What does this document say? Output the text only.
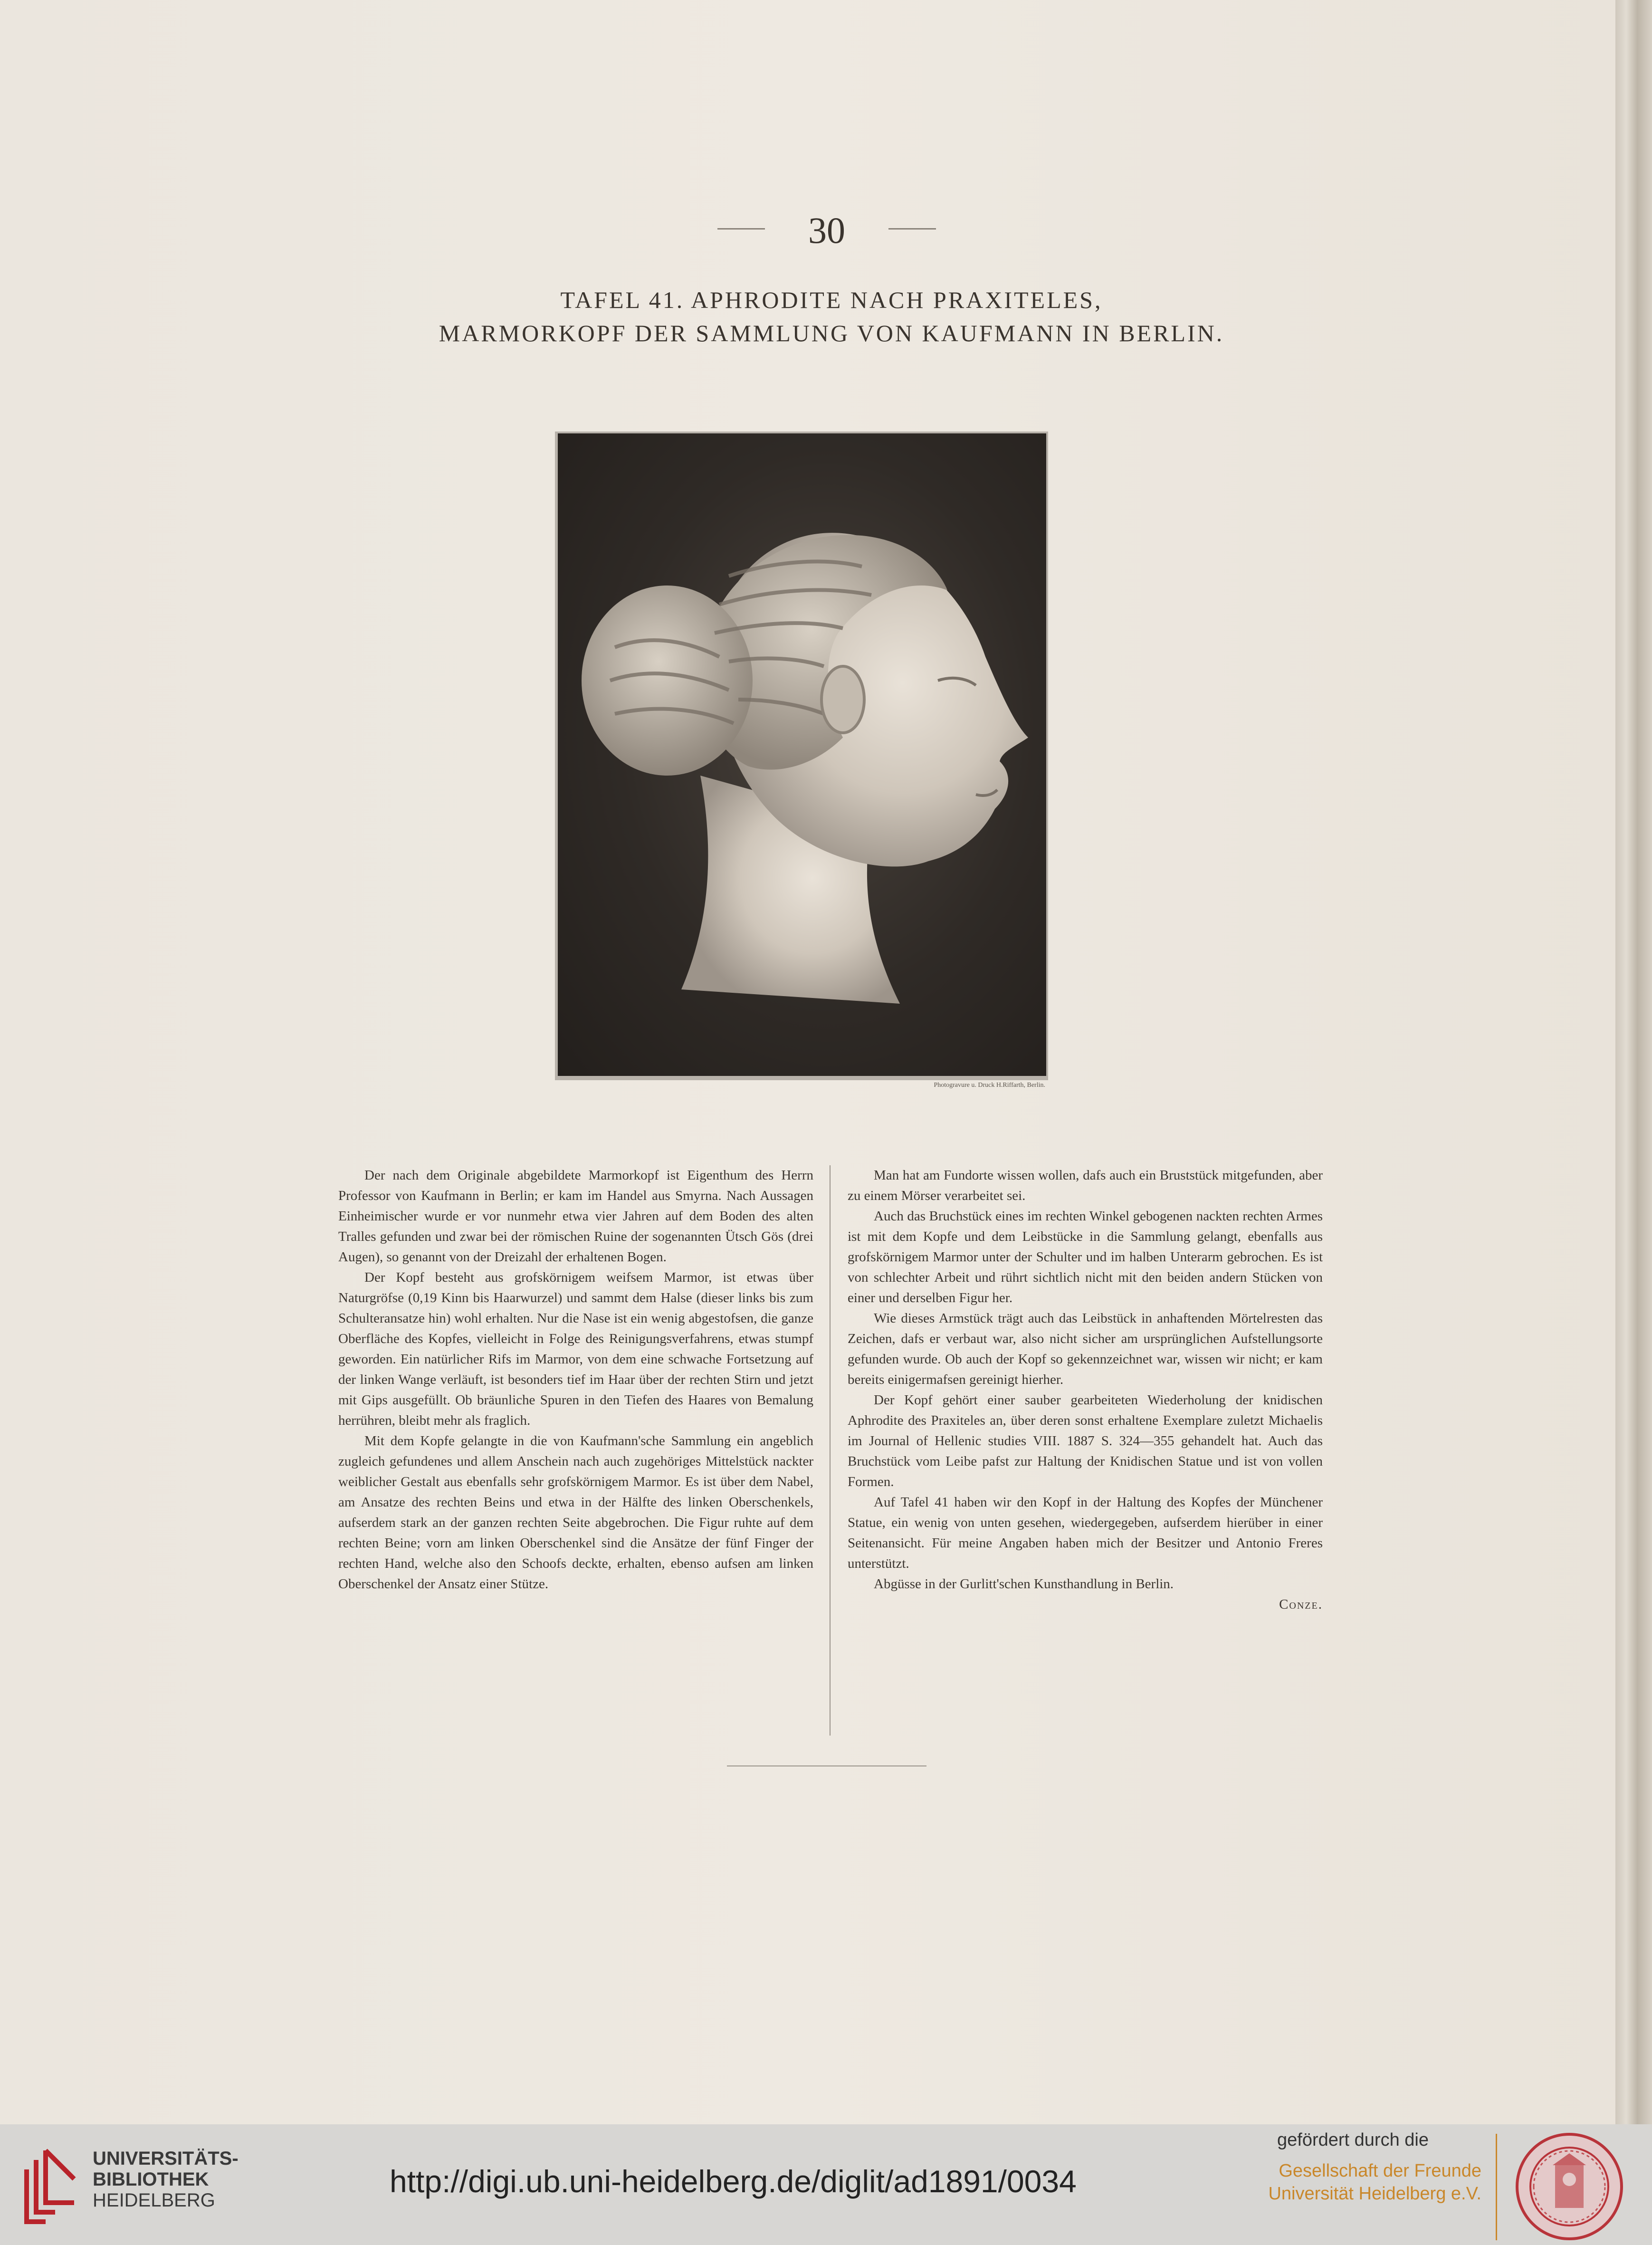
30
TAFEL 41. APHRODITE NACH PRAXITELES,
MARMORKOPF DER SAMMLUNG VON KAUFMANN IN BERLIN.
Photogravure u. Druck H.Riffarth, Berlin.

Der nach dem Originale abgebildete Marmorkopf ist Eigenthum des Herrn Professor von Kaufmann in Berlin; er kam im Handel aus Smyrna. Nach Aussagen Einheimischer wurde er vor nunmehr etwa vier Jahren auf dem Boden des alten Tralles gefunden und zwar bei der römischen Ruine der sogenannten Ütsch Gös (drei Augen), so genannt von der Dreizahl der erhaltenen Bogen.

Der Kopf besteht aus grofskörnigem weifsem Marmor, ist etwas über Naturgröfse (0,19 Kinn bis Haarwurzel) und sammt dem Halse (dieser links bis zum Schulteransatze hin) wohl erhalten. Nur die Nase ist ein wenig abgestofsen, die ganze Oberfläche des Kopfes, vielleicht in Folge des Reinigungsverfahrens, etwas stumpf geworden. Ein natürlicher Rifs im Marmor, von dem eine schwache Fortsetzung auf der linken Wange verläuft, ist besonders tief im Haar über der rechten Stirn und jetzt mit Gips ausgefüllt. Ob bräunliche Spuren in den Tiefen des Haares von Bemalung herrühren, bleibt mehr als fraglich.

Mit dem Kopfe gelangte in die von Kaufmann'sche Sammlung ein angeblich zugleich gefundenes und allem Anschein nach auch zugehöriges Mittelstück nackter weiblicher Gestalt aus ebenfalls sehr grofskörnigem Marmor. Es ist über dem Nabel, am Ansatze des rechten Beins und etwa in der Hälfte des linken Oberschenkels, aufserdem stark an der ganzen rechten Seite abgebrochen. Die Figur ruhte auf dem rechten Beine; vorn am linken Oberschenkel sind die Ansätze der fünf Finger der rechten Hand, welche also den Schoofs deckte, erhalten, ebenso aufsen am linken Oberschenkel der Ansatz einer Stütze.

Man hat am Fundorte wissen wollen, dafs auch ein Bruststück mitgefunden, aber zu einem Mörser verarbeitet sei.

Auch das Bruchstück eines im rechten Winkel gebogenen nackten rechten Armes ist mit dem Kopfe und dem Leibstücke in die Sammlung gelangt, ebenfalls aus grofskörnigem Marmor unter der Schulter und im halben Unterarm gebrochen. Es ist von schlechter Arbeit und rührt sichtlich nicht mit den beiden andern Stücken von einer und derselben Figur her.

Wie dieses Armstück trägt auch das Leibstück in anhaftenden Mörtelresten das Zeichen, dafs er verbaut war, also nicht sicher am ursprünglichen Aufstellungsorte gefunden wurde. Ob auch der Kopf so gekennzeichnet war, wissen wir nicht; er kam bereits einigermafsen gereinigt hierher.

Der Kopf gehört einer sauber gearbeiteten Wiederholung der knidischen Aphrodite des Praxiteles an, über deren sonst erhaltene Exemplare zuletzt Michaelis im Journal of Hellenic studies VIII. 1887 S. 324—355 gehandelt hat. Auch das Bruchstück vom Leibe pafst zur Haltung der Knidischen Statue und ist von vollen Formen.

Auf Tafel 41 haben wir den Kopf in der Haltung des Kopfes der Münchener Statue, ein wenig von unten gesehen, wiedergegeben, aufserdem hierüber in einer Seitenansicht. Für meine Angaben haben mich der Besitzer und Antonio Freres unterstützt.

Abgüsse in der Gurlitt'schen Kunsthandlung in Berlin.

Conze.

UNIVERSITÄTS-
BIBLIOTHEK
HEIDELBERG
http://digi.ub.uni-heidelberg.de/diglit/ad1891/0034
gefördert durch die
Gesellschaft der Freunde
Universität Heidelberg e.V.
